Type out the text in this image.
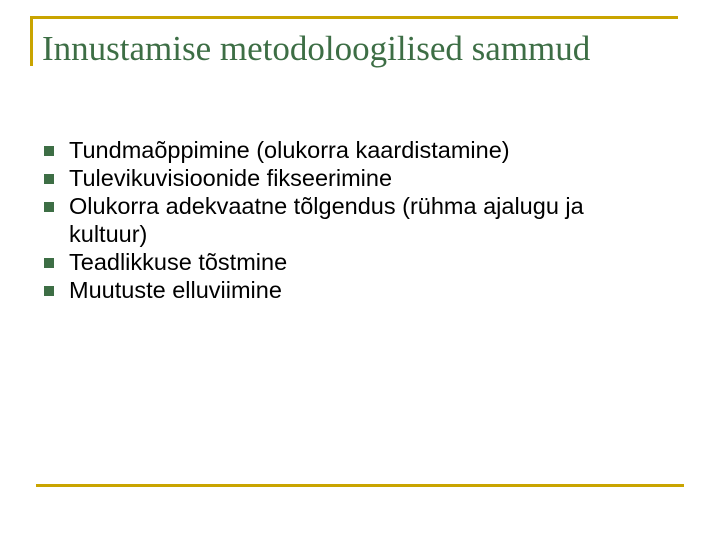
Innustamise metodoloogilised sammud
Tundmaõppimine (olukorra kaardistamine)
Tulevikuvisioonide fikseerimine
Olukorra adekvaatne tõlgendus (rühma ajalugu ja kultuur)
Teadlikkuse tõstmine
Muutuste elluviimine
